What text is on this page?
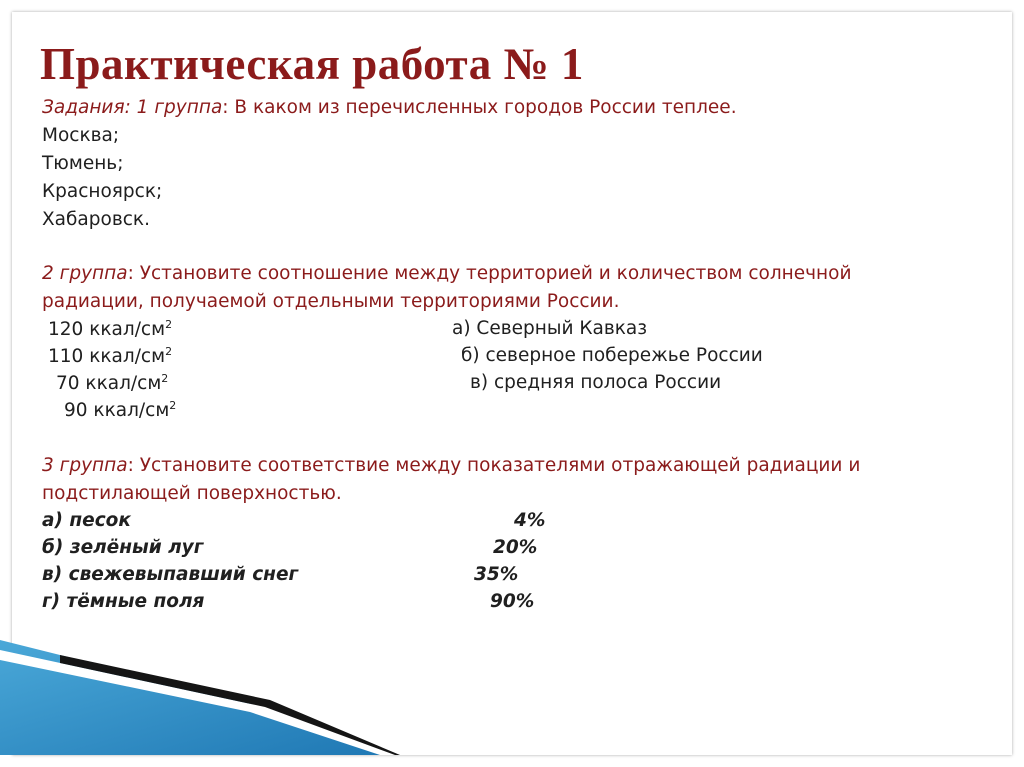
Практическая работа № 1
Задания: 1 группа: В каком из перечисленных городов России теплее.
Москва;
Тюмень;
Красноярск;
Хабаровск.
2 группа: Установите соотношение между территорией и количеством солнечной
радиации, получаемой отдельными территориями России.
120 ккал/$см^2$
110 ккал/$см^2$
70 ккал/$см^2$
90 ккал/$см^2$
а) Северный Кавказ
б) северное побережье России
в) средняя полоса России
3 группа: Установите соответствие между показателями отражающей радиации и
подстилающей поверхностью.
а) песок
б) зелёный луг
в) свежевыпавший снег
г) тёмные поля
4%
20%
35%
90%
